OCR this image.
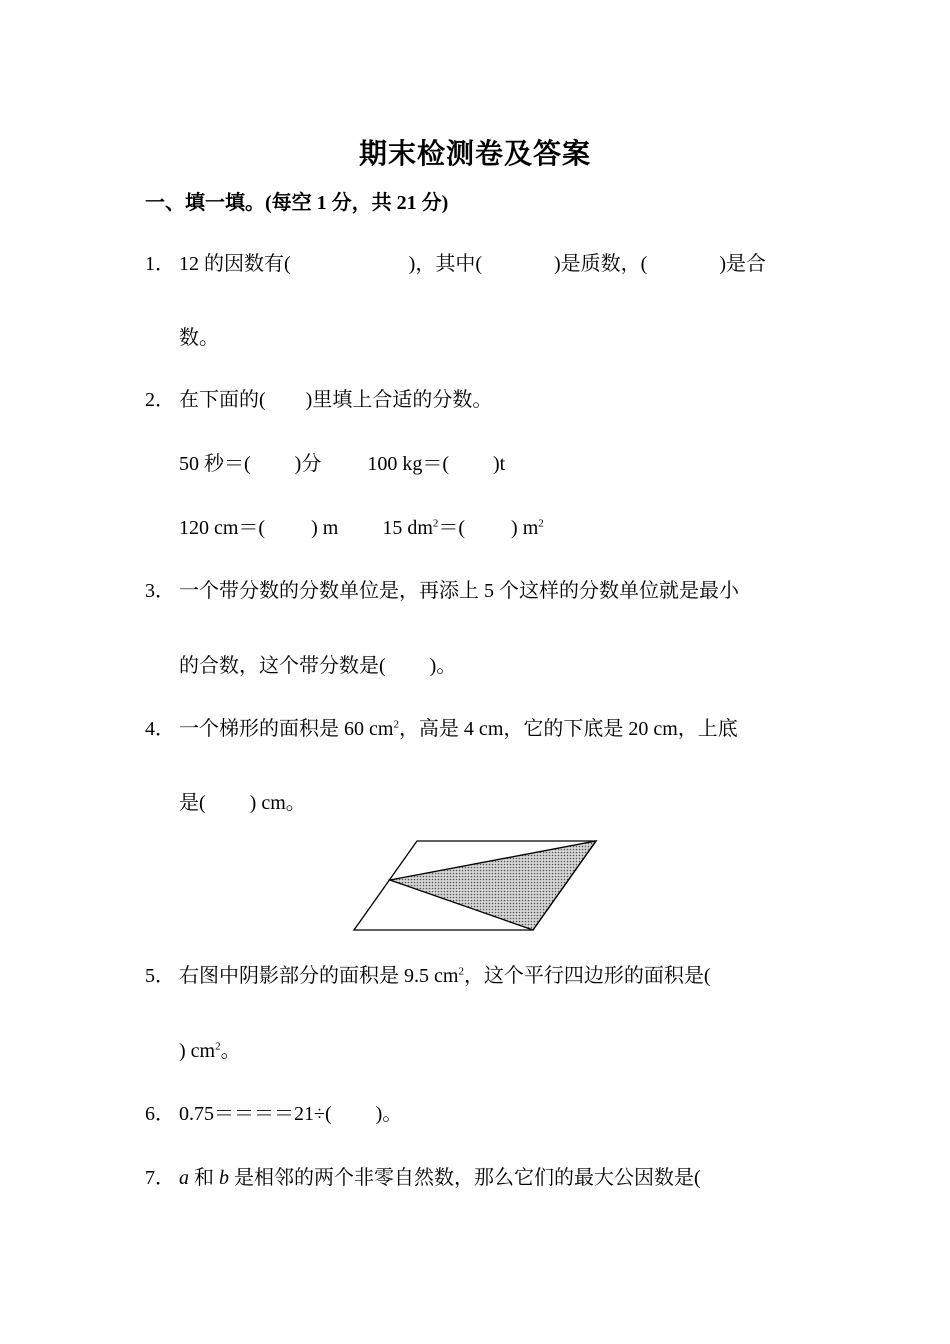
期末检测卷及答案
一、填一填。(每空 1 分，共 21 分)
1． 12 的因数有(	)，其中(	)是质数，(	)是合
数。
2． 在下面的(　　)里填上合适的分数。
50 秒＝( )分 100 kg＝( )t
120 cm＝( ) m 15 $dm^2=$( ) $m^2$
3． 一个带分数的分数单位是，再添上 5 个这样的分数单位就是最小
的合数，这个带分数是( )。
4． 一个梯形的面积是 60 $cm^2$，高是 4 cm，它的下底是 20 cm，上底
是( ) cm。
5． 右图中阴影部分的面积是 9.5 $cm^2$，这个平行四边形的面积是(
) $cm^2$。
6． 0.75＝＝＝＝21÷( )。
7． a 和 b 是相邻的两个非零自然数，那么它们的最大公因数是(
